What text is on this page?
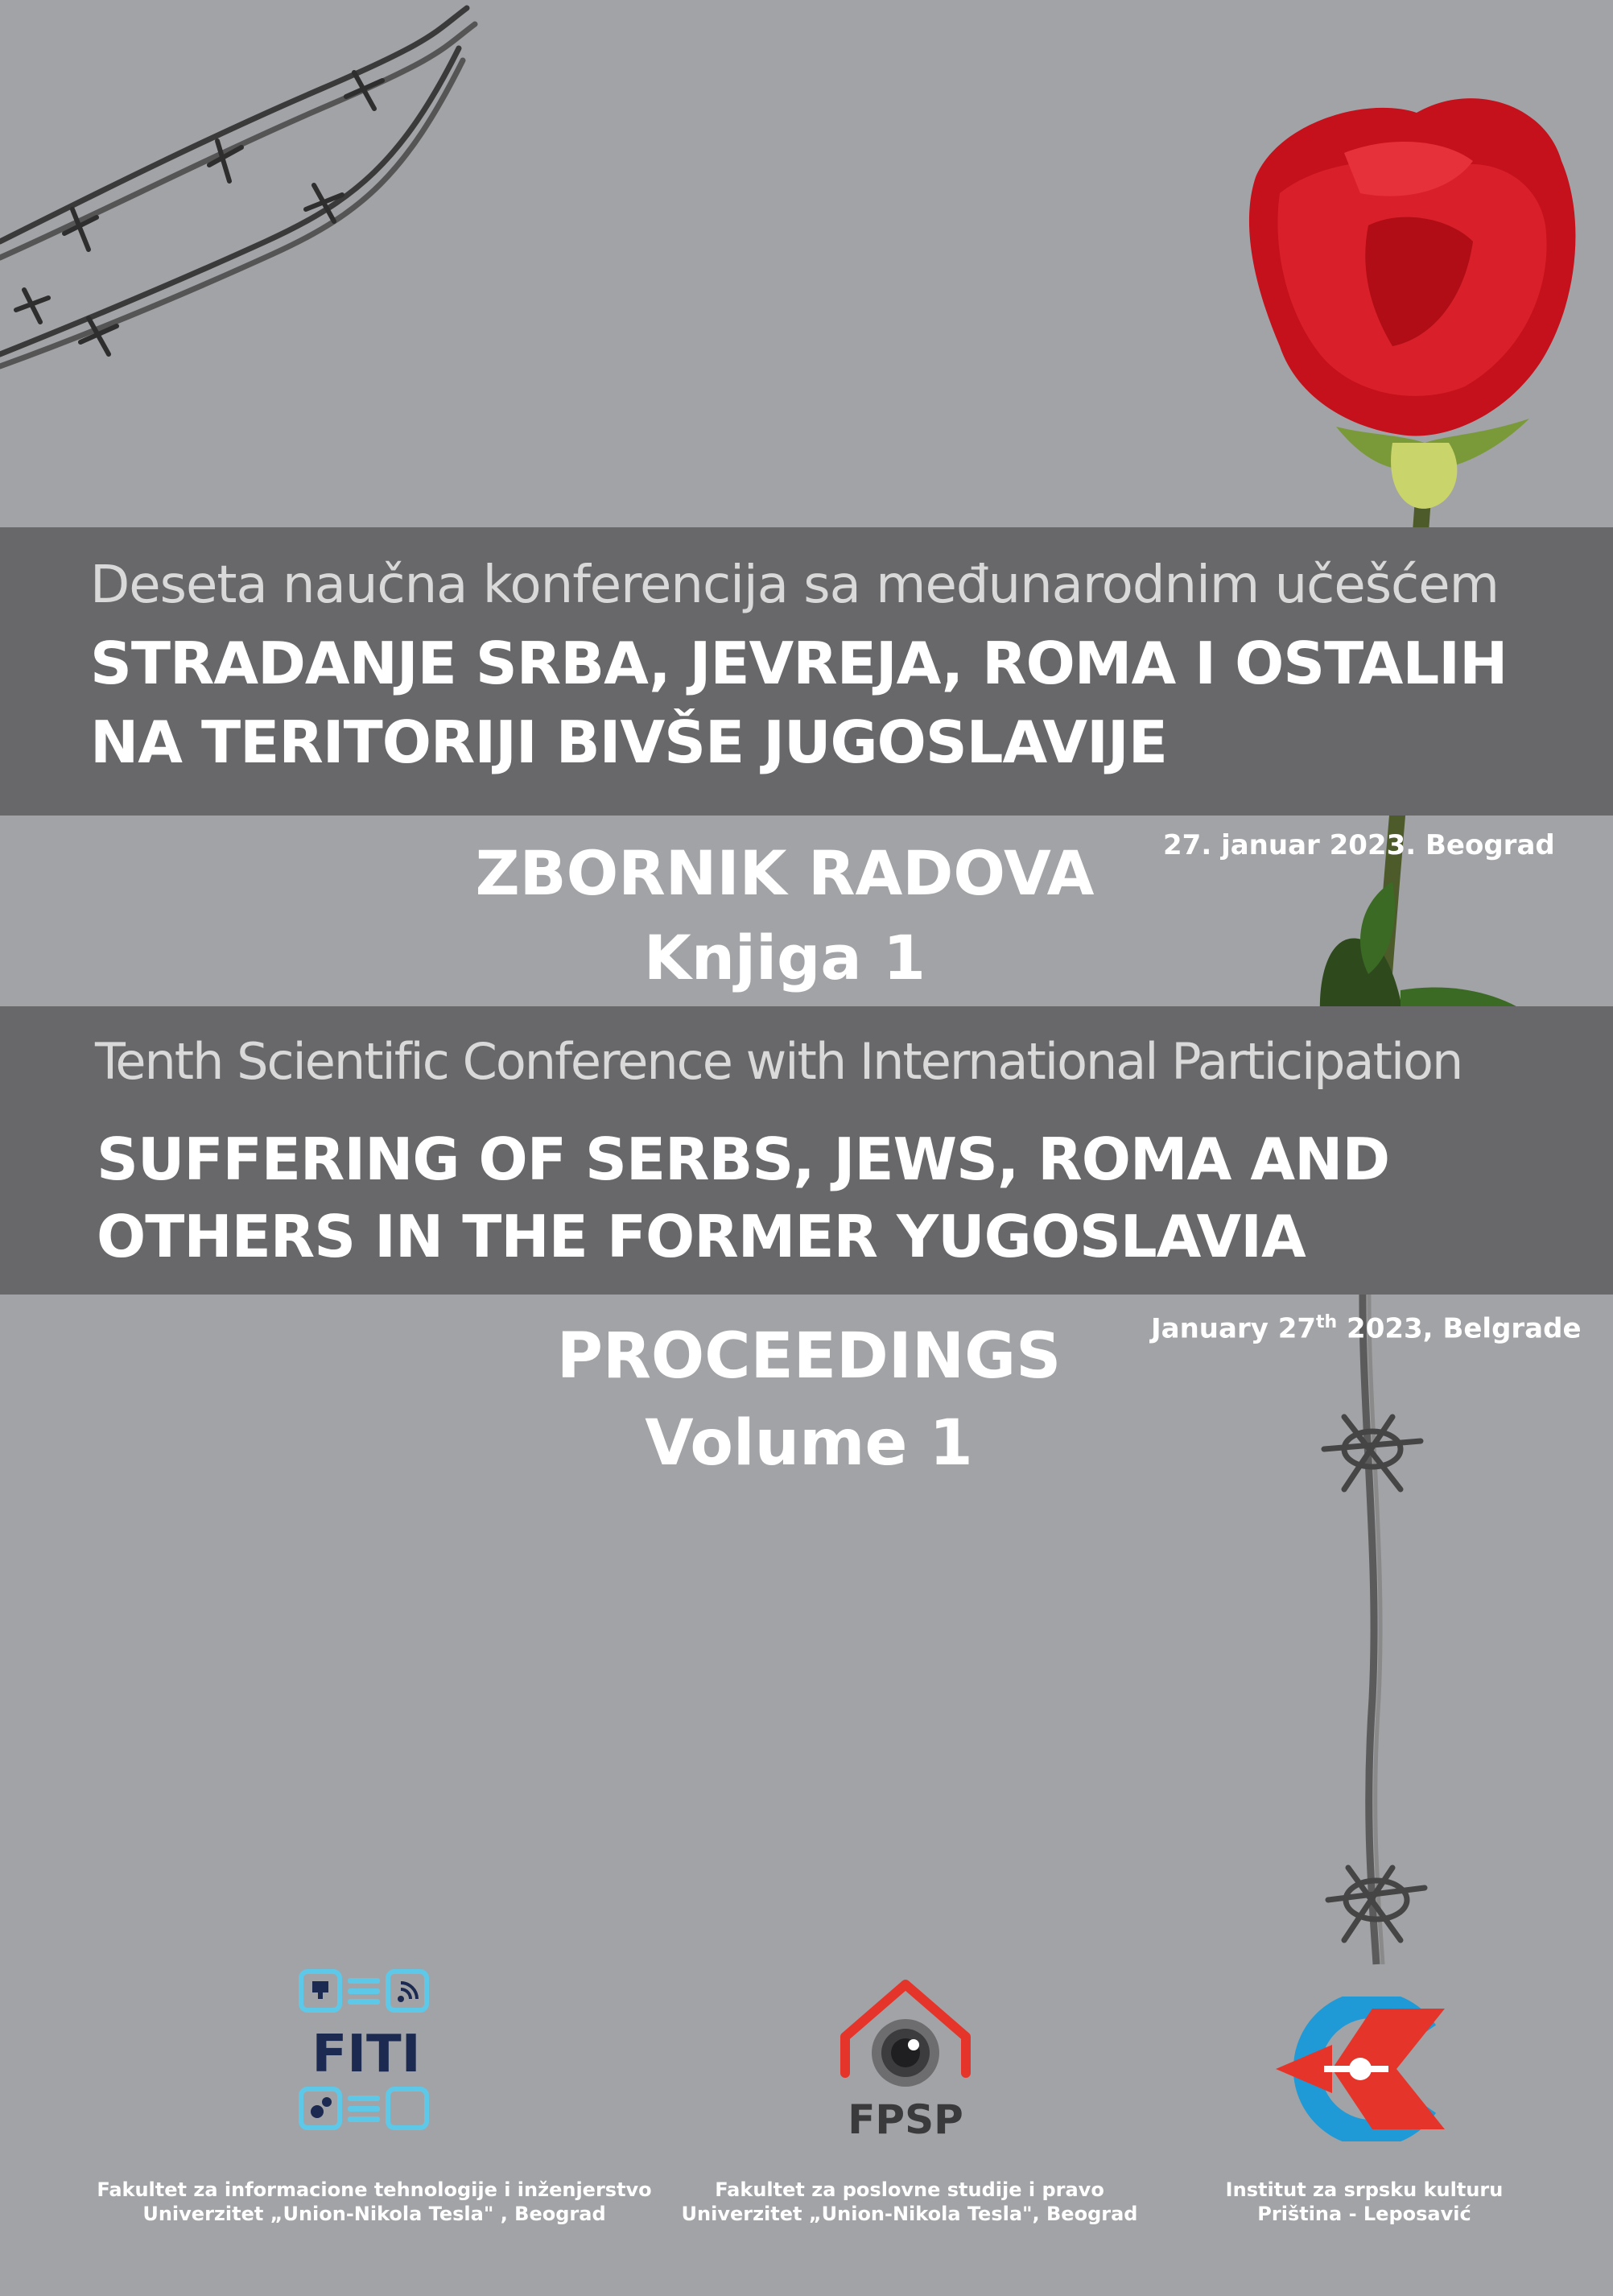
Deseta naučna konferencija sa međunarodnim učešćem
STRADANJE SRBA, JEVREJA, ROMA I OSTALIH
NA TERITORIJI BIVŠE JUGOSLAVIJE
27. januar 2023. Beograd
ZBORNIK RADOVA
Knjiga 1
Tenth Scientific Conference with International Participation
SUFFERING OF SERBS, JEWS, ROMA AND
OTHERS IN THE FORMER YUGOSLAVIA
January 27th 2023, Belgrade
PROCEEDINGS
Volume 1
FITI
Fakultet za informacione tehnologije i inženjerstvo
Univerzitet „Union-Nikola Tesla" , Beograd
FPSP
Fakultet za poslovne studije i pravo
Univerzitet „Union-Nikola Tesla", Beograd
Institut za srpsku kulturu
Priština - Leposavić
